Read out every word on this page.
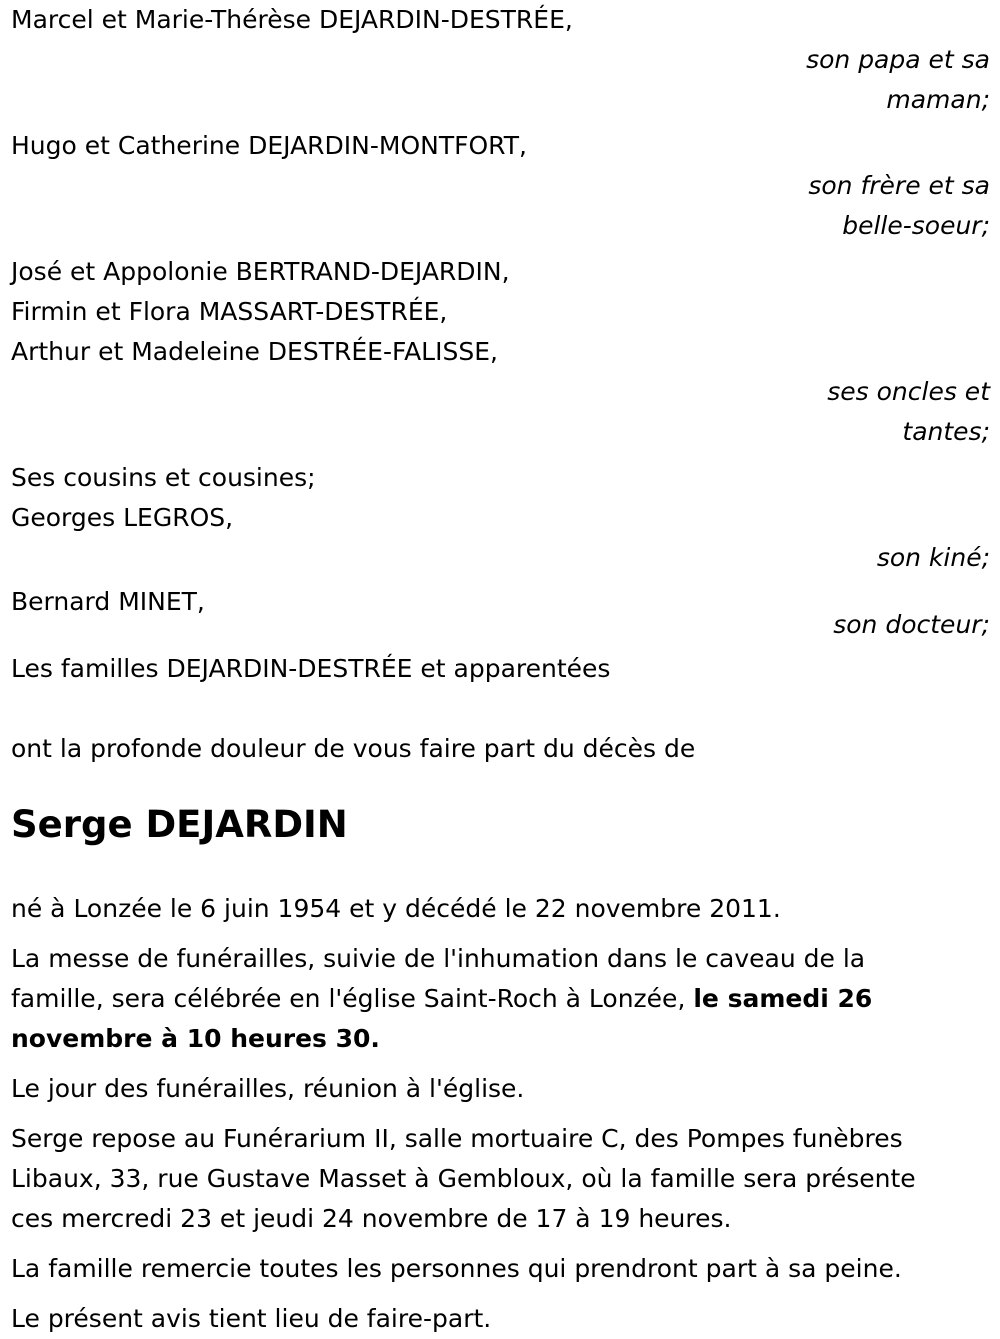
Marcel et Marie-Thérèse DEJARDIN-DESTRÉE,
son papa et sa
maman;
Hugo et Catherine DEJARDIN-MONTFORT,
son frère et sa
belle-soeur;
José et Appolonie BERTRAND-DEJARDIN,
Firmin et Flora MASSART-DESTRÉE,
Arthur et Madeleine DESTRÉE-FALISSE,
ses oncles et
tantes;
Ses cousins et cousines;
Georges LEGROS,
son kiné;
Bernard MINET,
son docteur;
Les familles DEJARDIN-DESTRÉE et apparentées
ont la profonde douleur de vous faire part du décès de
Serge DEJARDIN
né à Lonzée le 6 juin 1954 et y décédé le 22 novembre 2011.
La messe de funérailles, suivie de l'inhumation dans le caveau de la
famille, sera célébrée en l'église Saint-Roch à Lonzée, le samedi 26
novembre à 10 heures 30.
Le jour des funérailles, réunion à l'église.
Serge repose au Funérarium II, salle mortuaire C, des Pompes funèbres
Libaux, 33, rue Gustave Masset à Gembloux, où la famille sera présente
ces mercredi 23 et jeudi 24 novembre de 17 à 19 heures.
La famille remercie toutes les personnes qui prendront part à sa peine.
Le présent avis tient lieu de faire-part.
